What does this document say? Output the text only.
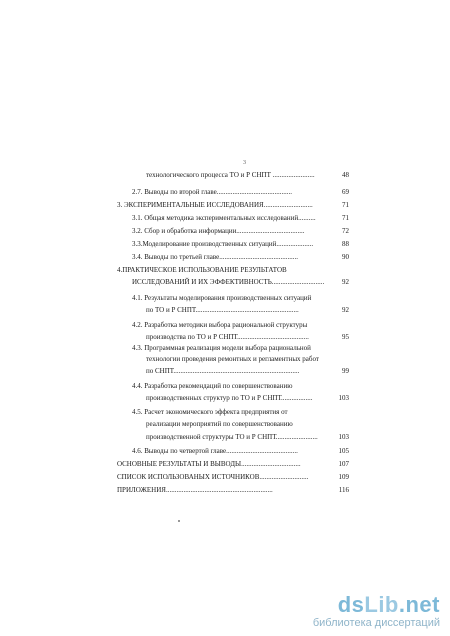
3
технологического процесса ТО и Р СНПТ ........................	48
2.7. Выводы по второй главе...........................................	69
3. ЭКСПЕРИМЕНТАЛЬНЫЕ ИССЛЕДОВАНИЯ............................	71
3.1. Общая методика экспериментальных исследований..........	71
3.2. Сбор и обработка информации.......................................	72
3.3.Моделирование производственных ситуаций.....................	88
3.4. Выводы по третьей главе.............................................	90
4.ПРАКТИЧЕСКОЕ ИСПОЛЬЗОВАНИЕ РЕЗУЛЬТАТОВ
ИССЛЕДОВАНИЙ И ИХ ЭФФЕКТИВНОСТЬ..............................	92
4.1. Результаты моделирования производственных ситуаций
по ТО и Р СНПТ...........................................................	92
4.2. Разработка методики выбора рациональной структуры
производства по ТО и Р СНПТ.........................................	95
4.3. Программная реализация модели выбора рациональной
технологии проведения ремонтных и регламентных работ
по СНПТ........................................................................	99
4.4. Разработка рекомендаций по совершенствованию
производственных структур по ТО и Р СНПТ..................	103
4.5. Расчет экономического эффекта предприятия от
реализации мероприятий по совершенствованию
производственной структуры ТО и Р СНПТ........................	103
4.6. Выводы по четвертой главе.........................................	105
ОСНОВНЫЕ РЕЗУЛЬТАТЫ И ВЫВОДЫ..................................	107
СПИСОК ИСПОЛЬЗОВАНЫХ ИСТОЧНИКОВ............................	109
ПРИЛОЖЕНИЯ.............................................................	116
dsLib.net
библиотека диссертаций
